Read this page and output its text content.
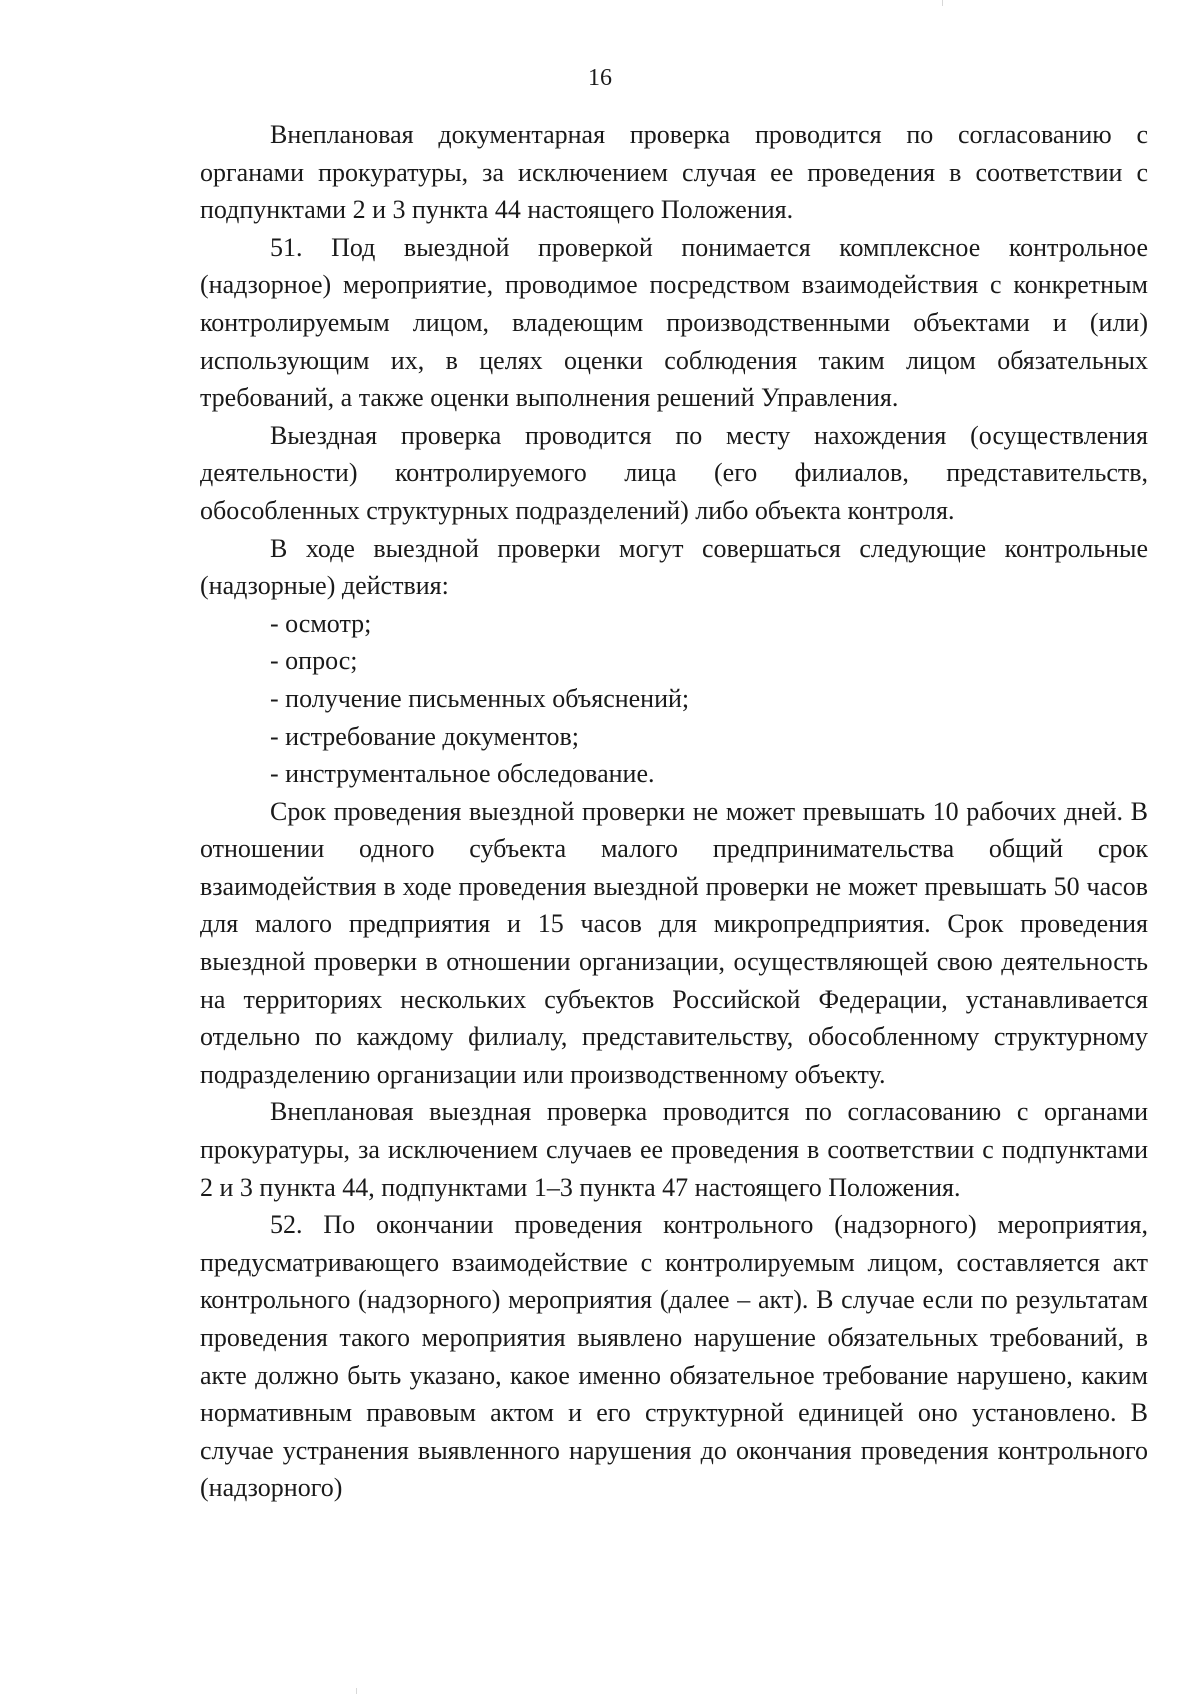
16

Внеплановая документарная проверка проводится по согласованию с органами прокуратуры, за исключением случая ее проведения в соответствии с подпунктами 2 и 3 пункта 44 настоящего Положения.

51. Под выездной проверкой понимается комплексное контрольное (надзорное) мероприятие, проводимое посредством взаимодействия с конкретным контролируемым лицом, владеющим производственными объектами и (или) использующим их, в целях оценки соблюдения таким лицом обязательных требований, а также оценки выполнения решений Управления.

Выездная проверка проводится по месту нахождения (осуществления деятельности) контролируемого лица (его филиалов, представительств, обособленных структурных подразделений) либо объекта контроля.

В ходе выездной проверки могут совершаться следующие контрольные (надзорные) действия:

- осмотр;
- опрос;
- получение письменных объяснений;
- истребование документов;
- инструментальное обследование.

Срок проведения выездной проверки не может превышать 10 рабочих дней. В отношении одного субъекта малого предпринимательства общий срок взаимодействия в ходе проведения выездной проверки не может превышать 50 часов для малого предприятия и 15 часов для микропредприятия. Срок проведения выездной проверки в отношении организации, осуществляющей свою деятельность на территориях нескольких субъектов Российской Федерации, устанавливается отдельно по каждому филиалу, представительству, обособленному структурному подразделению организации или производственному объекту.

Внеплановая выездная проверка проводится по согласованию с органами прокуратуры, за исключением случаев ее проведения в соответствии с подпунктами 2 и 3 пункта 44, подпунктами 1–3 пункта 47 настоящего Положения.

52. По окончании проведения контрольного (надзорного) мероприятия, предусматривающего взаимодействие с контролируемым лицом, составляется акт контрольного (надзорного) мероприятия (далее – акт). В случае если по результатам проведения такого мероприятия выявлено нарушение обязательных требований, в акте должно быть указано, какое именно обязательное требование нарушено, каким нормативным правовым актом и его структурной единицей оно установлено. В случае устранения выявленного нарушения до окончания проведения контрольного (надзорного)
